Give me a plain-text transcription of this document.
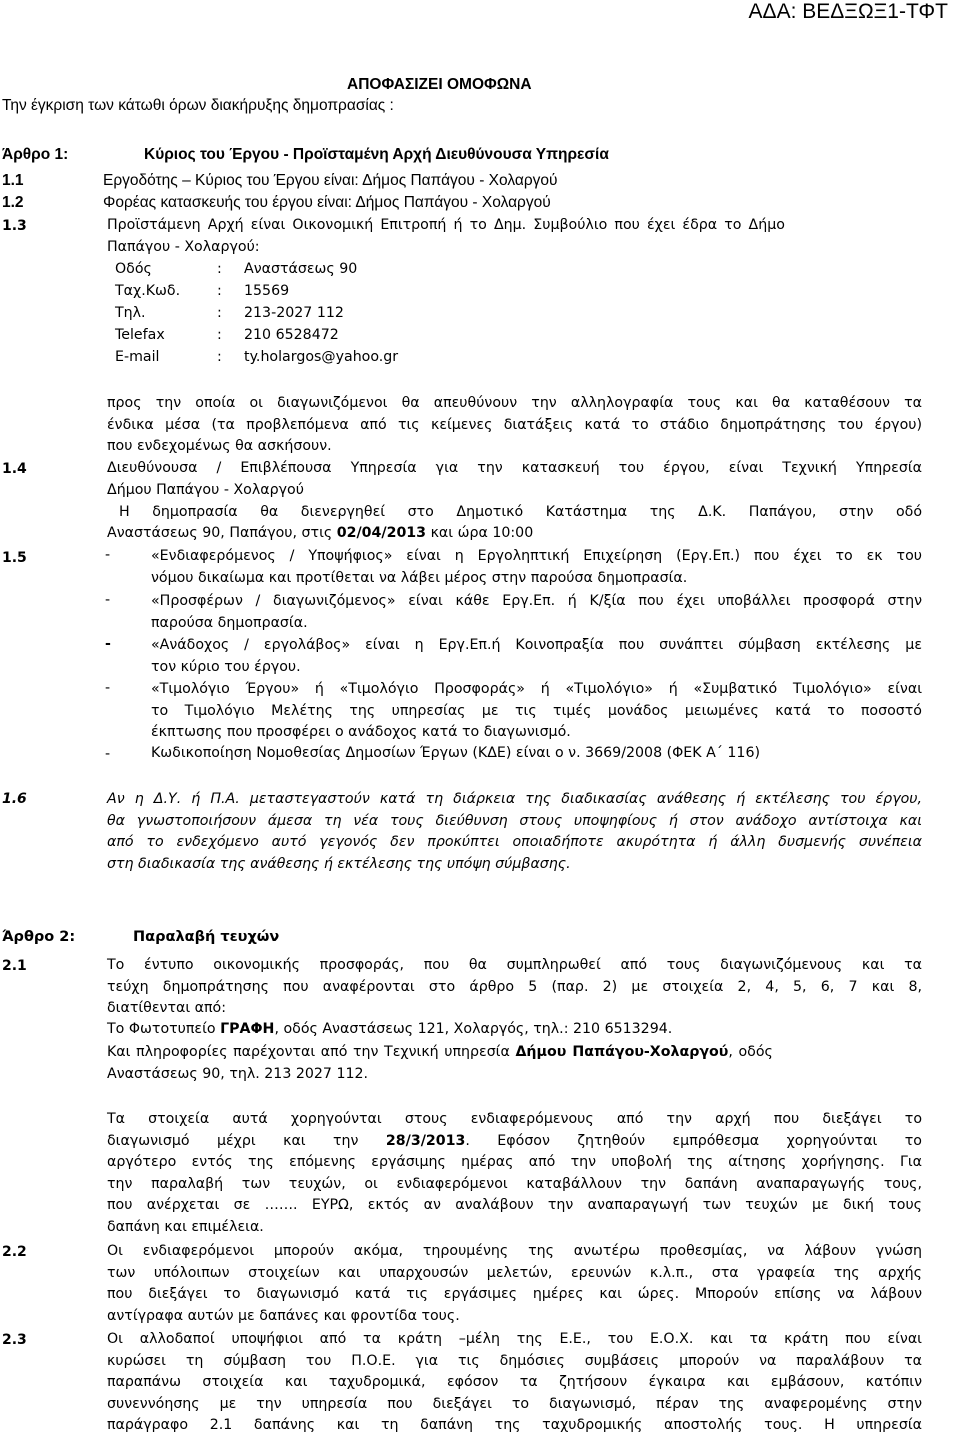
ΑΔΑ: ΒΕΔΞΩΞ1-ΤΦΤ
ΑΠΟΦΑΣΙΖΕΙ ΟΜΟΦΩΝΑ
Την έγκριση των κάτωθι όρων διακήρυξης δημοπρασίας :
Άρθρο 1:	Κύριος του Έργου - Προϊσταμένη Αρχή Διευθύνουσα Υπηρεσία
1.1	Εργοδότης – Κύριος του Έργου είναι: Δήμος Παπάγου - Χολαργού
1.2	Φορέας κατασκευής του έργου είναι: Δήμος Παπάγου - Χολαργού
1.3	Προϊστάμενη Αρχή είναι Οικονομική Επιτροπή ή το Δημ. Συμβούλιο που έχει έδρα το Δήμο
Παπάγου - Χολαργού:
Οδός	: Αναστάσεως 90
Ταχ.Κωδ.	: 15569
Τηλ.	: 213-2027 112
Telefax	: 210 6528472
E-mail	: ty.holargos@yahoo.gr
προς την οποία οι διαγωνιζόμενοι θα απευθύνουν την αλληλογραφία τους και θα καταθέσουν τα
ένδικα μέσα (τα προβλεπόμενα από τις κείμενες διατάξεις κατά το στάδιο δημοπράτησης του έργου)
που ενδεχομένως θα ασκήσουν.
1.4	Διευθύνουσα / Επιβλέπουσα Υπηρεσία για την κατασκευή του έργου, είναι Τεχνική Υπηρεσία
Δήμου Παπάγου - Χολαργού
Η δημοπρασία θα διενεργηθεί στο Δημοτικό Κατάστημα της Δ.Κ. Παπάγου, στην οδό
Αναστάσεως 90, Παπάγου, στις 02/04/2013 και ώρα 10:00
1.5	-	«Ενδιαφερόμενος / Υποψήφιος» είναι η Εργοληπτική Επιχείρηση (Εργ.Επ.) που έχει το εκ του
νόμου δικαίωμα και προτίθεται να λάβει μέρος στην παρούσα δημοπρασία.
-	«Προσφέρων / διαγωνιζόμενος» είναι κάθε Εργ.Επ. ή Κ/ξία που έχει υποβάλλει προσφορά στην
παρούσα δημοπρασία.
-	«Ανάδοχος / εργολάβος» είναι η Εργ.Επ.ή Κοινοπραξία που συνάπτει σύμβαση εκτέλεσης με
τον κύριο του έργου.
-	«Τιμολόγιο Έργου» ή «Τιμολόγιο Προσφοράς» ή «Τιμολόγιο» ή «Συμβατικό Τιμολόγιο» είναι
το Τιμολόγιο Μελέτης της υπηρεσίας με τις τιμές μονάδος μειωμένες κατά το ποσοστό
έκπτωσης που προσφέρει ο ανάδοχος κατά το διαγωνισμό.
-	Κωδικοποίηση Νομοθεσίας Δημοσίων Έργων (ΚΔΕ) είναι ο ν. 3669/2008 (ΦΕΚ Α΄ 116)
1.6	Αν η Δ.Υ. ή Π.Α. μεταστεγαστούν κατά τη διάρκεια της διαδικασίας ανάθεσης ή εκτέλεσης του έργου,
θα γνωστοποιήσουν άμεσα τη νέα τους διεύθυνση στους υποψηφίους ή στον ανάδοχο αντίστοιχα και
από το ενδεχόμενο αυτό γεγονός δεν προκύπτει οποιαδήποτε ακυρότητα ή άλλη δυσμενής συνέπεια
στη διαδικασία της ανάθεσης ή εκτέλεσης της υπόψη σύμβασης.
Άρθρο 2:	Παραλαβή τευχών
2.1	Το έντυπο οικονομικής προσφοράς, που θα συμπληρωθεί από τους διαγωνιζόμενους και τα
τεύχη δημοπράτησης που αναφέρονται στο άρθρο 5 (παρ. 2) με στοιχεία 2, 4, 5, 6, 7 και 8,
διατίθενται από:
Το Φωτοτυπείο ΓΡΑΦΗ, οδός Αναστάσεως 121, Χολαργός, τηλ.: 210 6513294.
Και πληροφορίες παρέχονται από την Τεχνική υπηρεσία Δήμου Παπάγου-Χολαργού, οδός
Αναστάσεως 90, τηλ. 213 2027 112.
Τα στοιχεία αυτά χορηγούνται στους ενδιαφερόμενους από την αρχή που διεξάγει το
διαγωνισμό μέχρι και την 28/3/2013. Εφόσον ζητηθούν εμπρόθεσμα χορηγούνται το
αργότερο εντός της επόμενης εργάσιμης ημέρας από την υποβολή της αίτησης χορήγησης. Για
την παραλαβή των τευχών, οι ενδιαφερόμενοι καταβάλλουν την δαπάνη αναπαραγωγής τους,
που ανέρχεται σε ……. ΕΥΡΩ, εκτός αν αναλάβουν την αναπαραγωγή των τευχών με δική τους
δαπάνη και επιμέλεια.
2.2	Οι ενδιαφερόμενοι μπορούν ακόμα, τηρουμένης της ανωτέρω προθεσμίας, να λάβουν γνώση
των υπόλοιπων στοιχείων και υπαρχουσών μελετών, ερευνών κ.λ.π., στα γραφεία της αρχής
που διεξάγει το διαγωνισμό κατά τις εργάσιμες ημέρες και ώρες. Μπορούν επίσης να λάβουν
αντίγραφα αυτών με δαπάνες και φροντίδα τους.
2.3	Οι αλλοδαποί υποψήφιοι από τα κράτη –μέλη της Ε.Ε., του Ε.Ο.Χ. και τα κράτη που είναι
κυρώσει τη σύμβαση του Π.Ο.Ε. για τις δημόσιες συμβάσεις μπορούν να παραλάβουν τα
παραπάνω στοιχεία και ταχυδρομικά, εφόσον τα ζητήσουν έγκαιρα και εμβάσουν, κατόπιν
συνεννόησης με την υπηρεσία που διεξάγει το διαγωνισμό, πέραν της αναφερομένης στην
παράγραφο 2.1 δαπάνης και τη δαπάνη της ταχυδρομικής αποστολής τους. Η υπηρεσία
